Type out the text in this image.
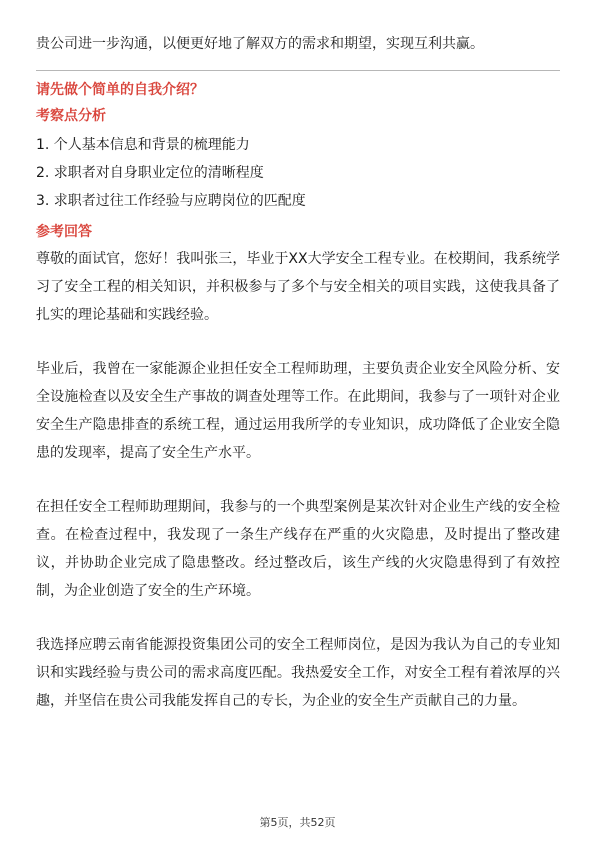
贵公司进一步沟通，以便更好地了解双方的需求和期望，实现互利共赢。

请先做个简单的自我介绍？

考察点分析

1. 个人基本信息和背景的梳理能力
2. 求职者对自身职业定位的清晰程度
3. 求职者过往工作经验与应聘岗位的匹配度

参考回答

尊敬的面试官，您好！我叫张三，毕业于XX大学安全工程专业。在校期间，我系统学习了安全工程的相关知识，并积极参与了多个与安全相关的项目实践，这使我具备了扎实的理论基础和实践经验。

毕业后，我曾在一家能源企业担任安全工程师助理，主要负责企业安全风险分析、安全设施检查以及安全生产事故的调查处理等工作。在此期间，我参与了一项针对企业安全生产隐患排查的系统工程，通过运用我所学的专业知识，成功降低了企业安全隐患的发现率，提高了安全生产水平。

在担任安全工程师助理期间，我参与的一个典型案例是某次针对企业生产线的安全检查。在检查过程中，我发现了一条生产线存在严重的火灾隐患，及时提出了整改建议，并协助企业完成了隐患整改。经过整改后，该生产线的火灾隐患得到了有效控制，为企业创造了安全的生产环境。

我选择应聘云南省能源投资集团公司的安全工程师岗位，是因为我认为自己的专业知识和实践经验与贵公司的需求高度匹配。我热爱安全工作，对安全工程有着浓厚的兴趣，并坚信在贵公司我能发挥自己的专长，为企业的安全生产贡献自己的力量。

第5页，共52页
